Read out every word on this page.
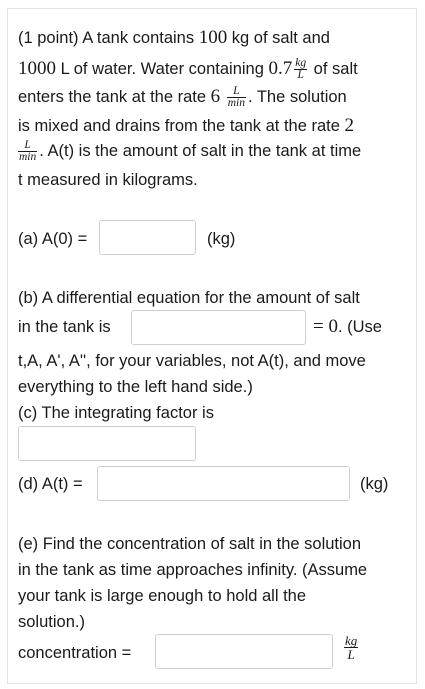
(1 point) A tank contains 100 kg of salt and
1000 L of water. Water containing $0.7 \frac{kg}{L}$ of salt
enters the tank at the rate $6 \frac{L}{\min}$ . The solution
is mixed and drains from the tank at the rate 2
$\frac{L}{\min}$ . A(t) is the amount of salt in the tank at time
t measured in kilograms.
(a) A(0) =	(kg)
(b) A differential equation for the amount of salt
in the tank is	= 0. (Use
t,A, A', A'', for your variables, not A(t), and move
everything to the left hand side.)
(c) The integrating factor is
(d) A(t) =	(kg)
(e) Find the concentration of salt in the solution
in the tank as time approaches infinity. (Assume
your tank is large enough to hold all the
solution.)
concentration =	$\frac{kg}{L}$
